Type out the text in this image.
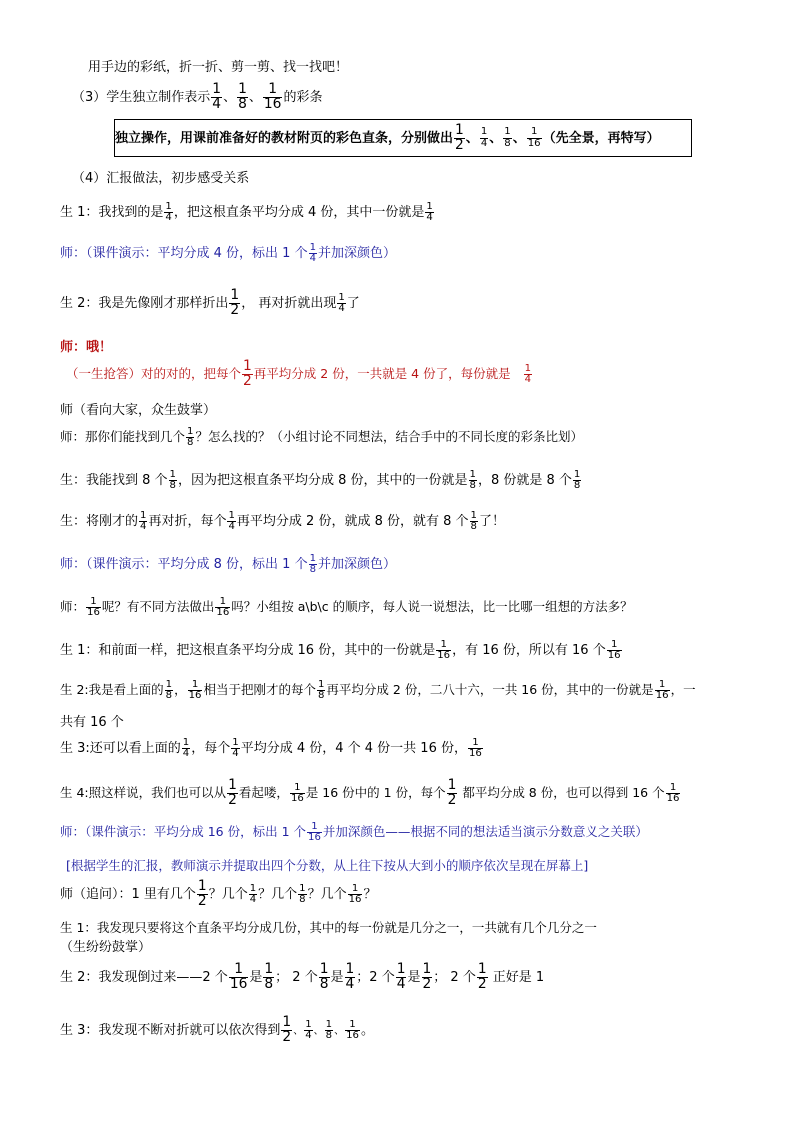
用手边的彩纸，折一折、剪一剪、找一找吧！
（3）学生独立制作表示 $\frac{1}{4}$ 、 $\frac{1}{8}$ 、 $\frac{1}{16}$ 的彩条
独立操作，用课前准备好的教材附页的彩色直条，分别做出 $\frac{1}{2}$ 、 $\frac{1}{4}$ 、 $\frac{1}{8}$ 、 $\frac{1}{16}$ （先全景，再特写）
（4）汇报做法，初步感受关系
生 1：我找到的是 $\frac{1}{4}$ ，把这根直条平均分成 4 份，其中一份就是 $\frac{1}{4}$
师：（课件演示：平均分成 4 份，标出 1 个 $\frac{1}{4}$ 并加深颜色）
生 2：我是先像刚才那样折出 $\frac{1}{2}$ ， 再对折就出现 $\frac{1}{4}$ 了
师：哦！
（一生抢答）对的对的，把每个 $\frac{1}{2}$ 再平均分成 2 份，一共就是 4 份了，每份就是 $\frac{1}{4}$
师（看向大家，众生鼓掌）
师：那你们能找到几个 $\frac{1}{8}$ ？怎么找的？（小组讨论不同想法，结合手中的不同长度的彩条比划）
生：我能找到 8 个 $\frac{1}{8}$ ，因为把这根直条平均分成 8 份，其中的一份就是 $\frac{1}{8}$ ，8 份就是 8 个 $\frac{1}{8}$
生：将刚才的 $\frac{1}{4}$ 再对折，每个 $\frac{1}{4}$ 再平均分成 2 份，就成 8 份，就有 8 个 $\frac{1}{8}$ 了！
师：（课件演示：平均分成 8 份，标出 1 个 $\frac{1}{8}$ 并加深颜色）
师： $\frac{1}{16}$ 呢？有不同方法做出 $\frac{1}{16}$ 吗？小组按 a\b\c 的顺序，每人说一说想法，比一比哪一组想的方法多？
生 1：和前面一样，把这根直条平均分成 16 份，其中的一份就是 $\frac{1}{16}$ ，有 16 份，所以有 16 个 $\frac{1}{16}$
生 2:我是看上面的 $\frac{1}{8}$ ， $\frac{1}{16}$ 相当于把刚才的每个 $\frac{1}{8}$ 再平均分成 2 份，二八十六，一共 16 份，其中的一份就是 $\frac{1}{16}$ ，一
共有 16 个
生 3:还可以看上面的 $\frac{1}{4}$ ，每个 $\frac{1}{4}$ 平均分成 4 份，4 个 4 份一共 16 份， $\frac{1}{16}$
生 4:照这样说，我们也可以从 $\frac{1}{2}$ 看起喽， $\frac{1}{16}$ 是 16 份中的 1 份，每个 $\frac{1}{2}$ 都平均分成 8 份，也可以得到 16 个 $\frac{1}{16}$
师：（课件演示：平均分成 16 份，标出 1 个 $\frac{1}{16}$ 并加深颜色——根据不同的想法适当演示分数意义之关联）
[根据学生的汇报，教师演示并提取出四个分数，从上往下按从大到小的顺序依次呈现在屏幕上]
师（追问）：1 里有几个 $\frac{1}{2}$ ？几个 $\frac{1}{4}$ ？几个 $\frac{1}{8}$ ？几个 $\frac{1}{16}$ ？
生 1：我发现只要将这个直条平均分成几份，其中的每一份就是几分之一，一共就有几个几分之一
（生纷纷鼓掌）
生 2：我发现倒过来——2 个 $\frac{1}{16}$ 是 $\frac{1}{8}$ ； 2 个 $\frac{1}{8}$ 是 $\frac{1}{4}$ ；2 个 $\frac{1}{4}$ 是 $\frac{1}{2}$ ； 2 个 $\frac{1}{2}$ 正好是 1
生 3：我发现不断对折就可以依次得到 $\frac{1}{2}$ 、 $\frac{1}{4}$ 、 $\frac{1}{8}$ 、 $\frac{1}{16}$ 。
